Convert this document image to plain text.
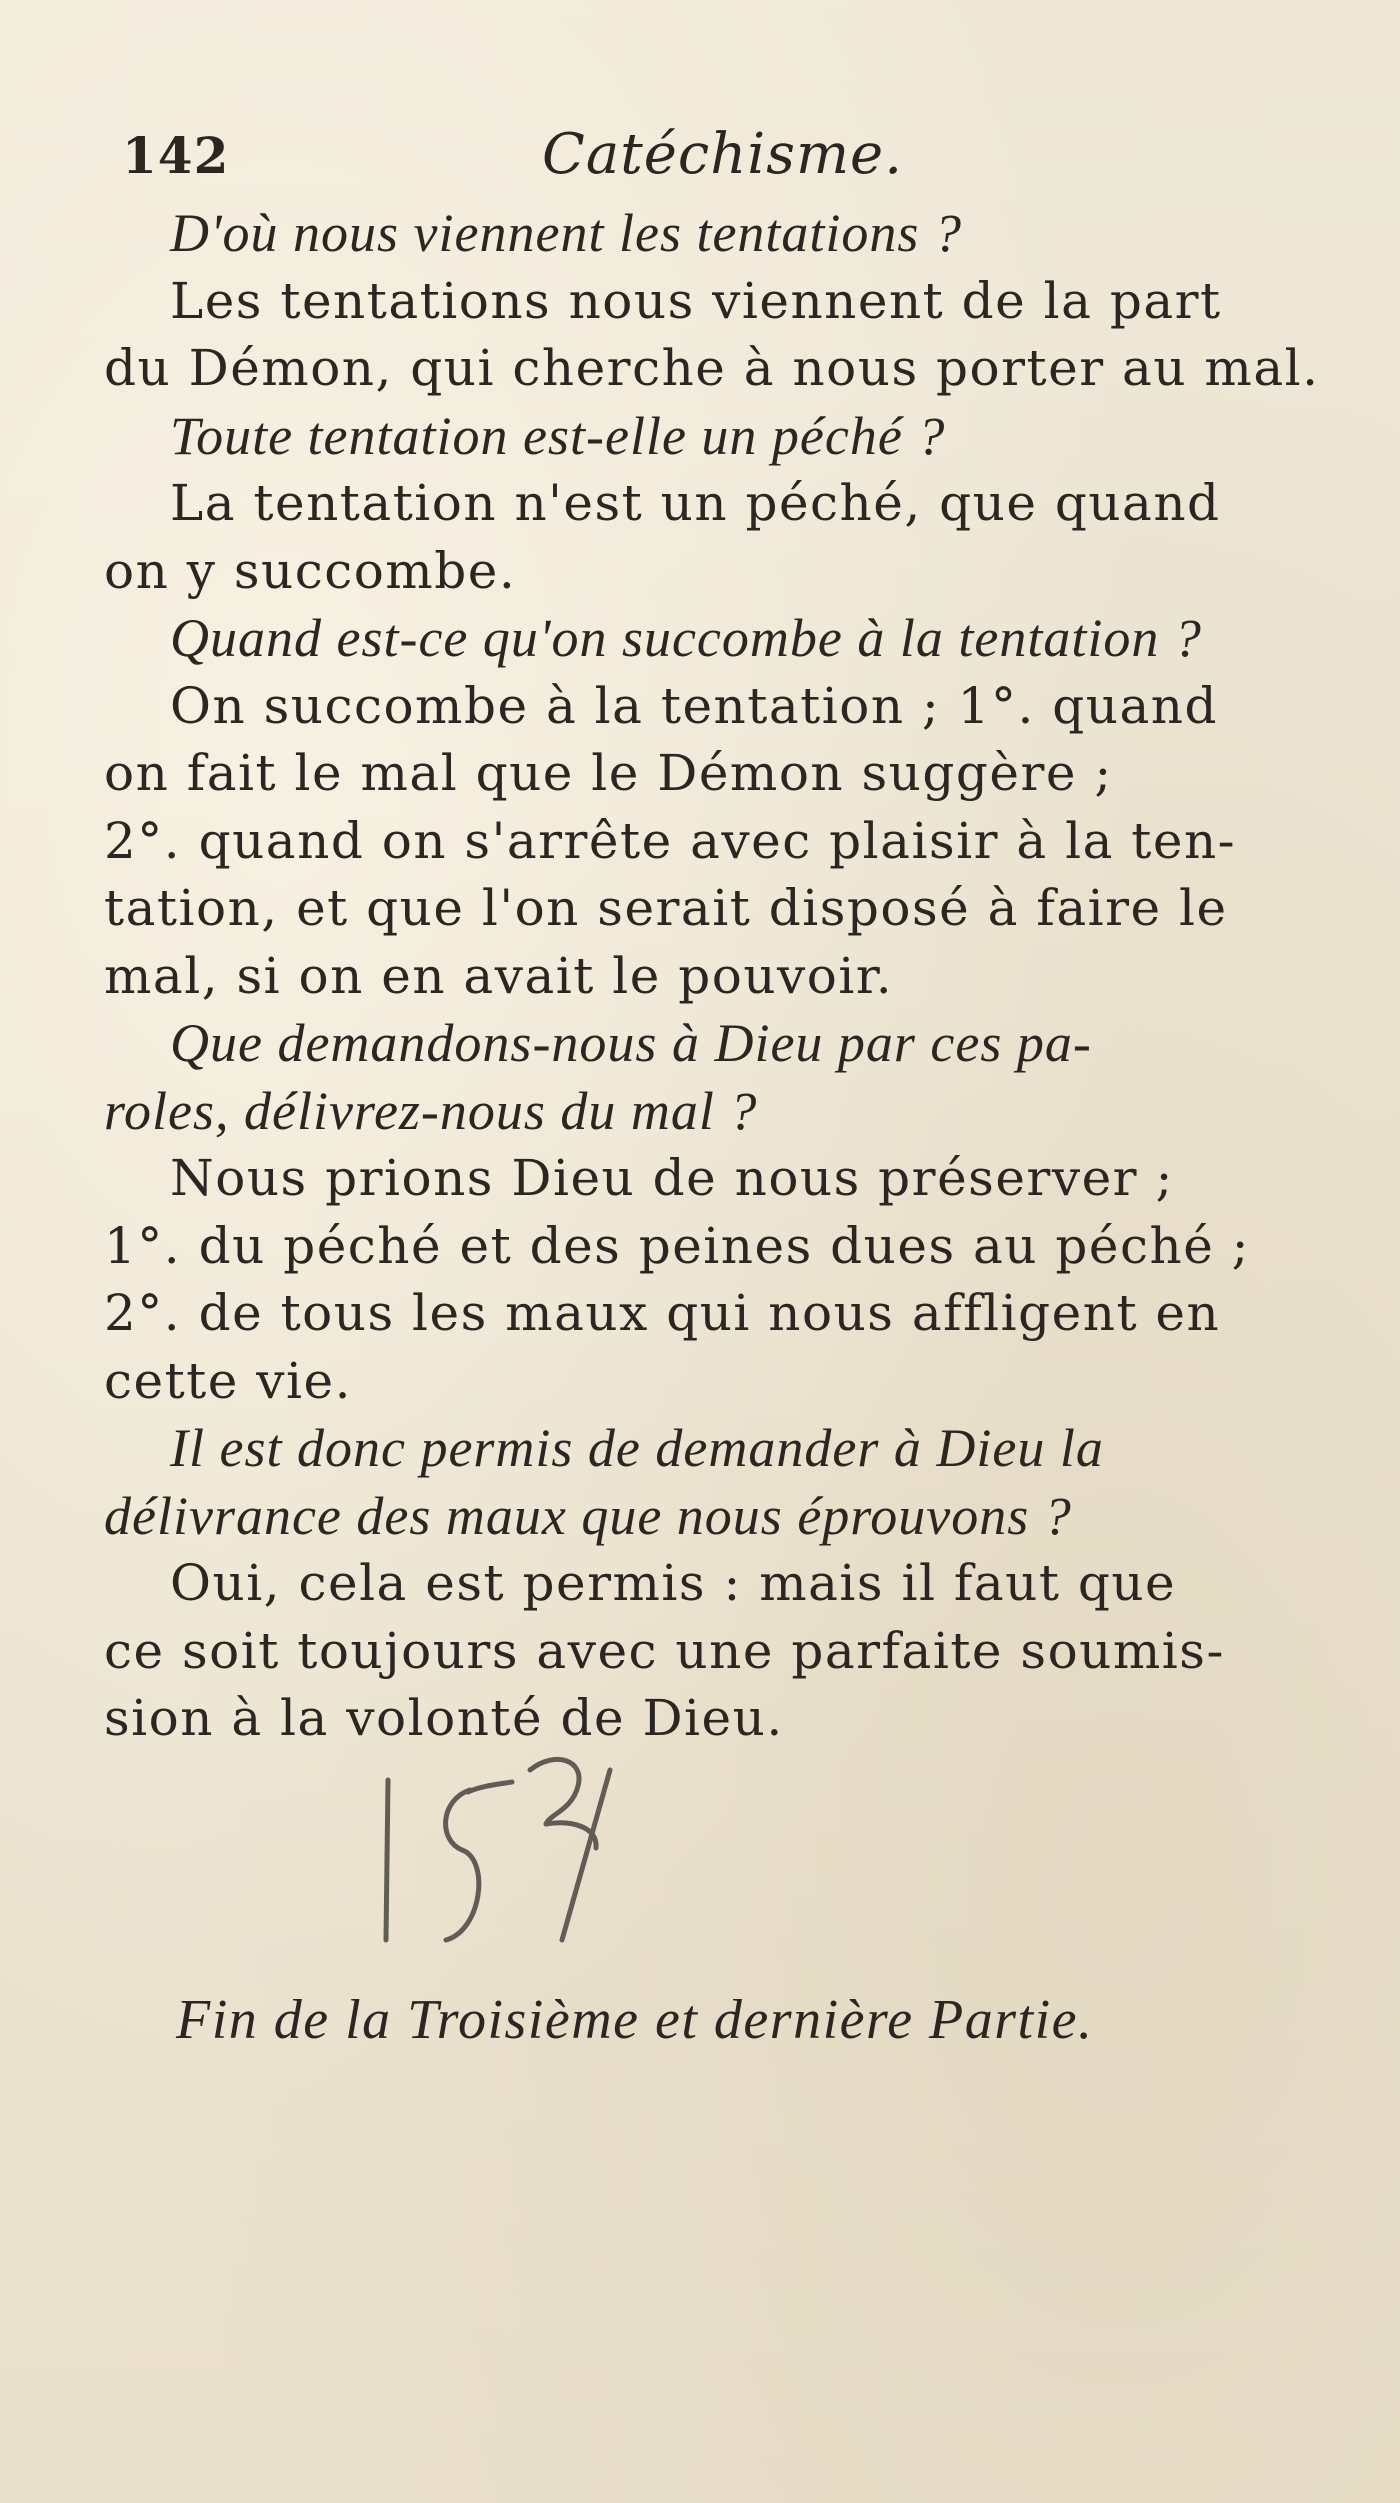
142	Catéchisme.
D'où nous viennent les tentations ?
Les tentations nous viennent de la part
du Démon, qui cherche à nous porter au mal.
Toute tentation est-elle un péché ?
La tentation n'est un péché, que quand
on y succombe.
Quand est-ce qu'on succombe à la tentation ?
On succombe à la tentation ; 1°. quand
on fait le mal que le Démon suggère ;
2°. quand on s'arrête avec plaisir à la ten-
tation, et que l'on serait disposé à faire le
mal, si on en avait le pouvoir.
Que demandons-nous à Dieu par ces pa-
roles, délivrez-nous du mal ?
Nous prions Dieu de nous préserver ;
1°. du péché et des peines dues au péché ;
2°. de tous les maux qui nous affligent en
cette vie.
Il est donc permis de demander à Dieu la
délivrance des maux que nous éprouvons ?
Oui, cela est permis : mais il faut que
ce soit toujours avec une parfaite soumis-
sion à la volonté de Dieu.
Fin de la Troisième et dernière Partie.
